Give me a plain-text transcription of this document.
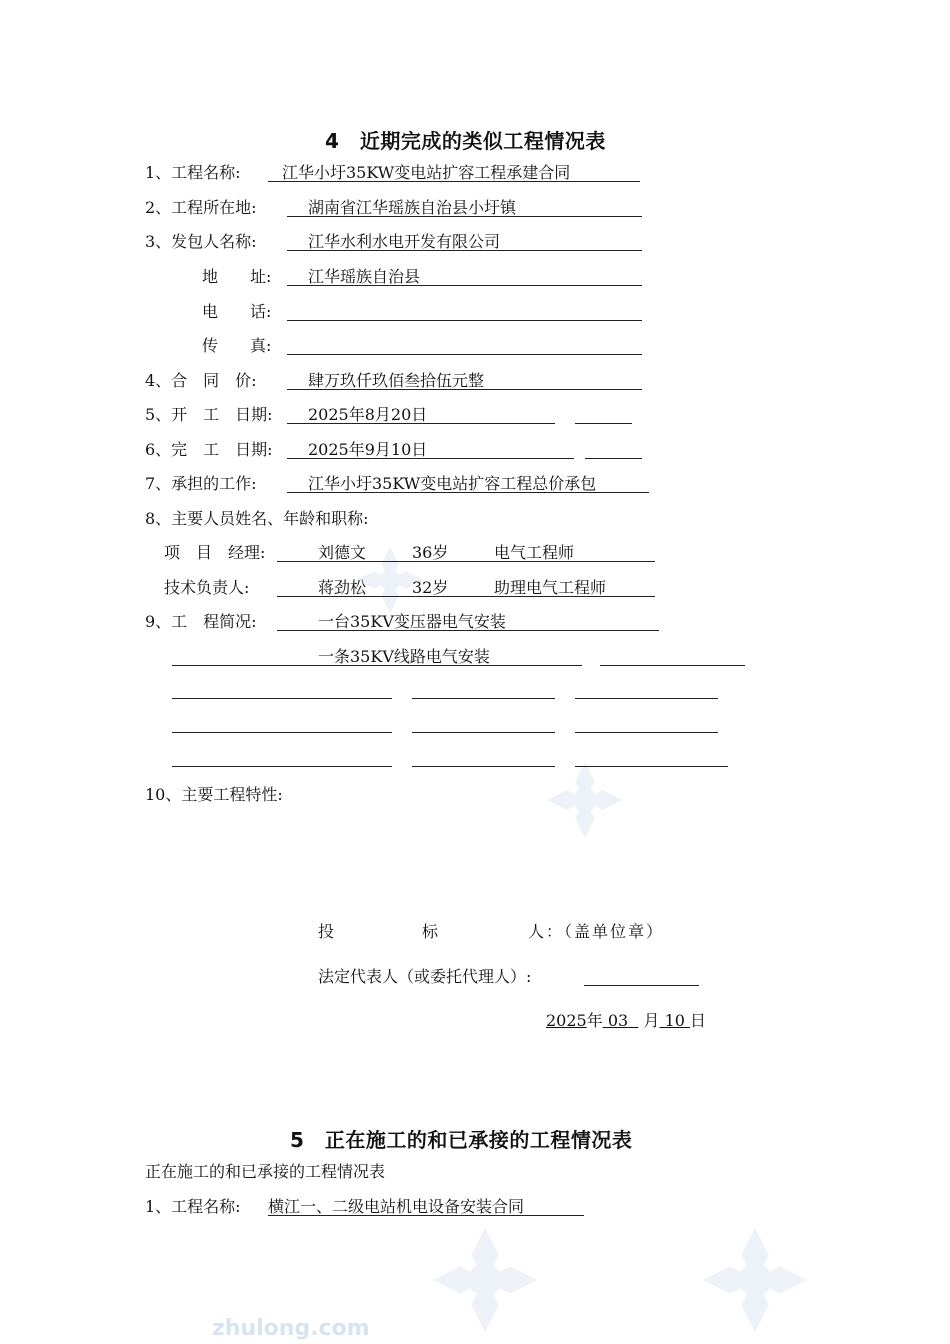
zhulong.com
4　近期完成的类似工程情况表
1、工程名称:	江华小圩35KW变电站扩容工程承建合同
2、工程所在地:	湖南省江华瑶族自治县小圩镇
3、发包人名称:	江华水利水电开发有限公司
地　　址: 江华瑶族自治县
电　　话:
传　　真:
4、合　同　价:	肆万玖仟玖佰叁拾伍元整
5、开　工　日期: 2025年8月20日
6、完　工　日期: 2025年9月10日
7、承担的工作:	江华小圩35KW变电站扩容工程总价承包
8、主要人员姓名、年龄和职称:
项　目　经理:	刘德文	36岁	电气工程师
技术负责人:	蒋劲松	32岁	助理电气工程师
9、工　程简况:	一台35KV变压器电气安装
一条35KV线路电气安装
10、主要工程特性:
投	标	人：（盖单位章）
法定代表人（或委托代理人）:
2025年 03 月 10 日
5　正在施工的和已承接的工程情况表
正在施工的和已承接的工程情况表
1、工程名称: 横江一、二级电站机电设备安装合同
